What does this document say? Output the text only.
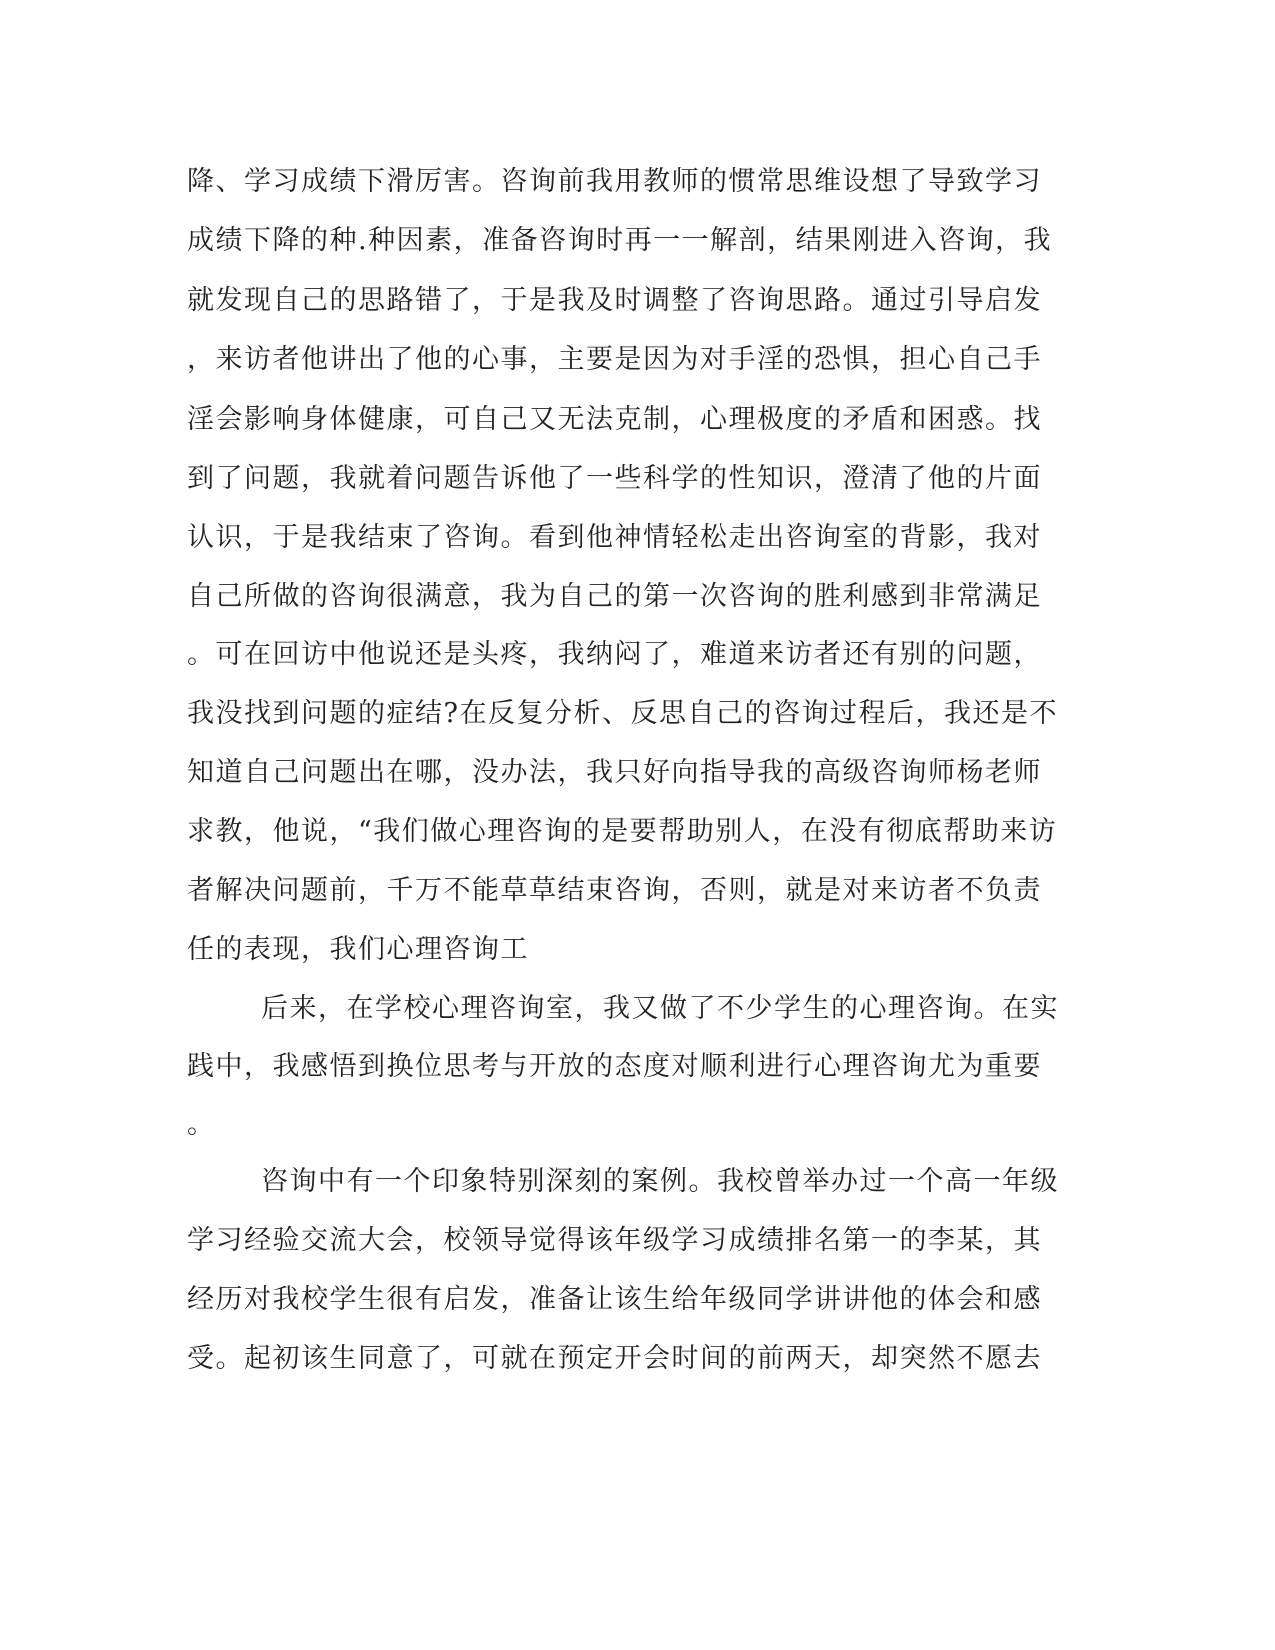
降、学习成绩下滑厉害。咨询前我用教师的惯常思维设想了导致学习
成绩下降的种.种因素，准备咨询时再一一解剖，结果刚进入咨询，我
就发现自己的思路错了，于是我及时调整了咨询思路。通过引导启发
，来访者他讲出了他的心事，主要是因为对手淫的恐惧，担心自己手
淫会影响身体健康，可自己又无法克制，心理极度的矛盾和困惑。找
到了问题，我就着问题告诉他了一些科学的性知识，澄清了他的片面
认识，于是我结束了咨询。看到他神情轻松走出咨询室的背影，我对
自己所做的咨询很满意，我为自己的第一次咨询的胜利感到非常满足
。可在回访中他说还是头疼，我纳闷了，难道来访者还有别的问题，
我没找到问题的症结?在反复分析、反思自己的咨询过程后，我还是不
知道自己问题出在哪，没办法，我只好向指导我的高级咨询师杨老师
求教，他说，“我们做心理咨询的是要帮助别人，在没有彻底帮助来访
者解决问题前，千万不能草草结束咨询，否则，就是对来访者不负责
任的表现，我们心理咨询工
后来，在学校心理咨询室，我又做了不少学生的心理咨询。在实
践中，我感悟到换位思考与开放的态度对顺利进行心理咨询尤为重要
。
咨询中有一个印象特别深刻的案例。我校曾举办过一个高一年级
学习经验交流大会，校领导觉得该年级学习成绩排名第一的李某，其
经历对我校学生很有启发，准备让该生给年级同学讲讲他的体会和感
受。起初该生同意了，可就在预定开会时间的前两天，却突然不愿去
